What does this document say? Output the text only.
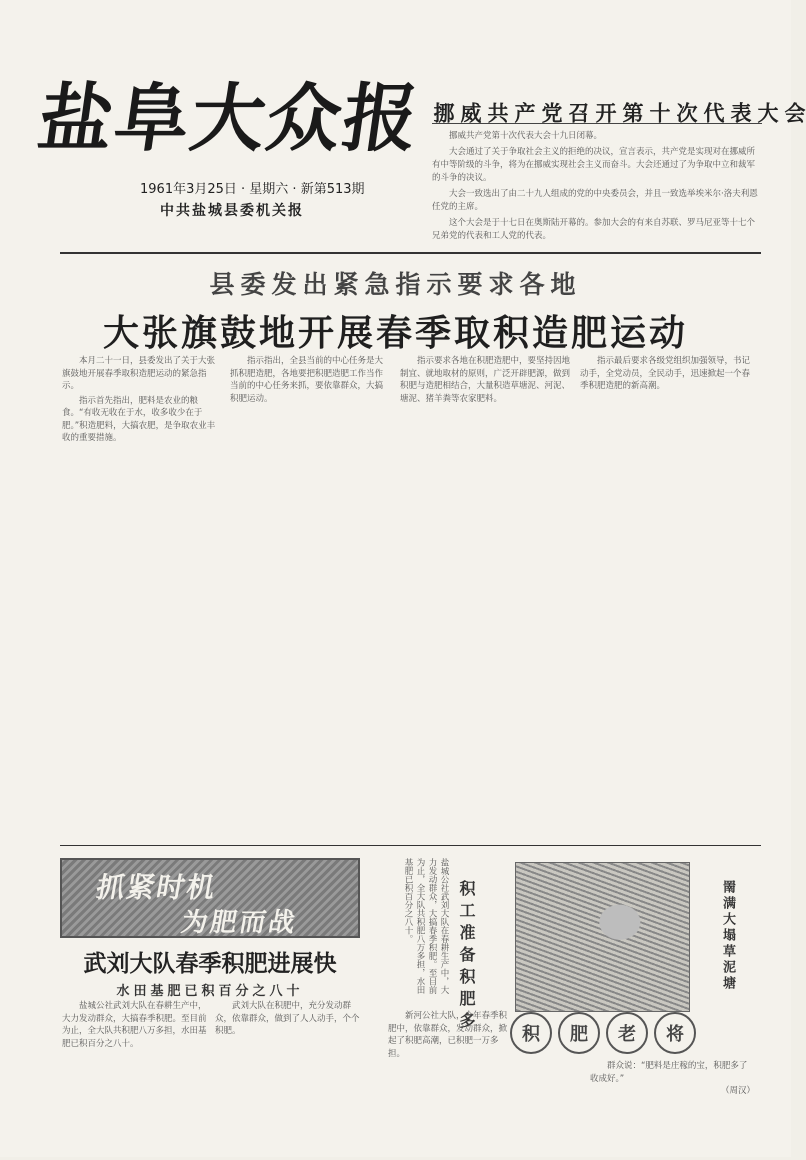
盐阜大众报
1961年3月25日 · 星期六 · 新第513期
中共盐城县委机关报
挪 威 共 产 党 召 开 第 十 次 代 表 大 会

挪威共产党第十次代表大会十九日闭幕。

大会通过了关于争取社会主义的拒绝的决议，宣言表示，共产党是实现对在挪威所有中等阶级的斗争，将为在挪威实现社会主义而奋斗。大会还通过了为争取中立和裁军的斗争的决议。

大会一致选出了由二十九人组成的党的中央委员会，并且一致选举埃米尔·洛夫利恩任党的主席。

这个大会是于十七日在奥斯陆开幕的。参加大会的有来自苏联、罗马尼亚等十七个兄弟党的代表和工人党的代表。

县委发出紧急指示要求各地
大张旗鼓地开展春季取积造肥运动

本月二十一日，县委发出了关于大张旗鼓地开展春季取积造肥运动的紧急指示。

指示首先指出，肥料是农业的粮食。“有收无收在于水，收多收少在于肥。”积造肥料，大搞农肥，是争取农业丰收的重要措施。

指示指出，全县当前的中心任务是大抓积肥造肥，各地要把积肥造肥工作当作当前的中心任务来抓，要依靠群众，大搞积肥运动。

指示要求各地在积肥造肥中，要坚持因地制宜、就地取材的原则，广泛开辟肥源，做到积肥与造肥相结合，大量积造草塘泥、河泥、塘泥、猪羊粪等农家肥料。

指示最后要求各级党组织加强领导，书记动手，全党动员，全民动手，迅速掀起一个春季积肥造肥的新高潮。

抓紧时机
为肥而战
武刘大队春季积肥进展快
水田基肥已积百分之八十

盐城公社武刘大队在春耕生产中，大力发动群众，大搞春季积肥。至目前为止，全大队共积肥八万多担，水田基肥已积百分之八十。

武刘大队在积肥中，充分发动群众，依靠群众，做到了人人动手，个个积肥。	积工准备积肥多
盐城公社武刘大队在春耕生产中，大力发动群众，大搞春季积肥。至目前为止，全大队共积肥八万多担，水田基肥已积百分之八十。	罱满大塌草泥塘
积 肥 老 将

新河公社大队，今年春季积肥中，依靠群众，发动群众，掀起了积肥高潮，已积肥一万多担。

群众说：“肥料是庄稼的宝，积肥多了收成好。”

（周汉）
